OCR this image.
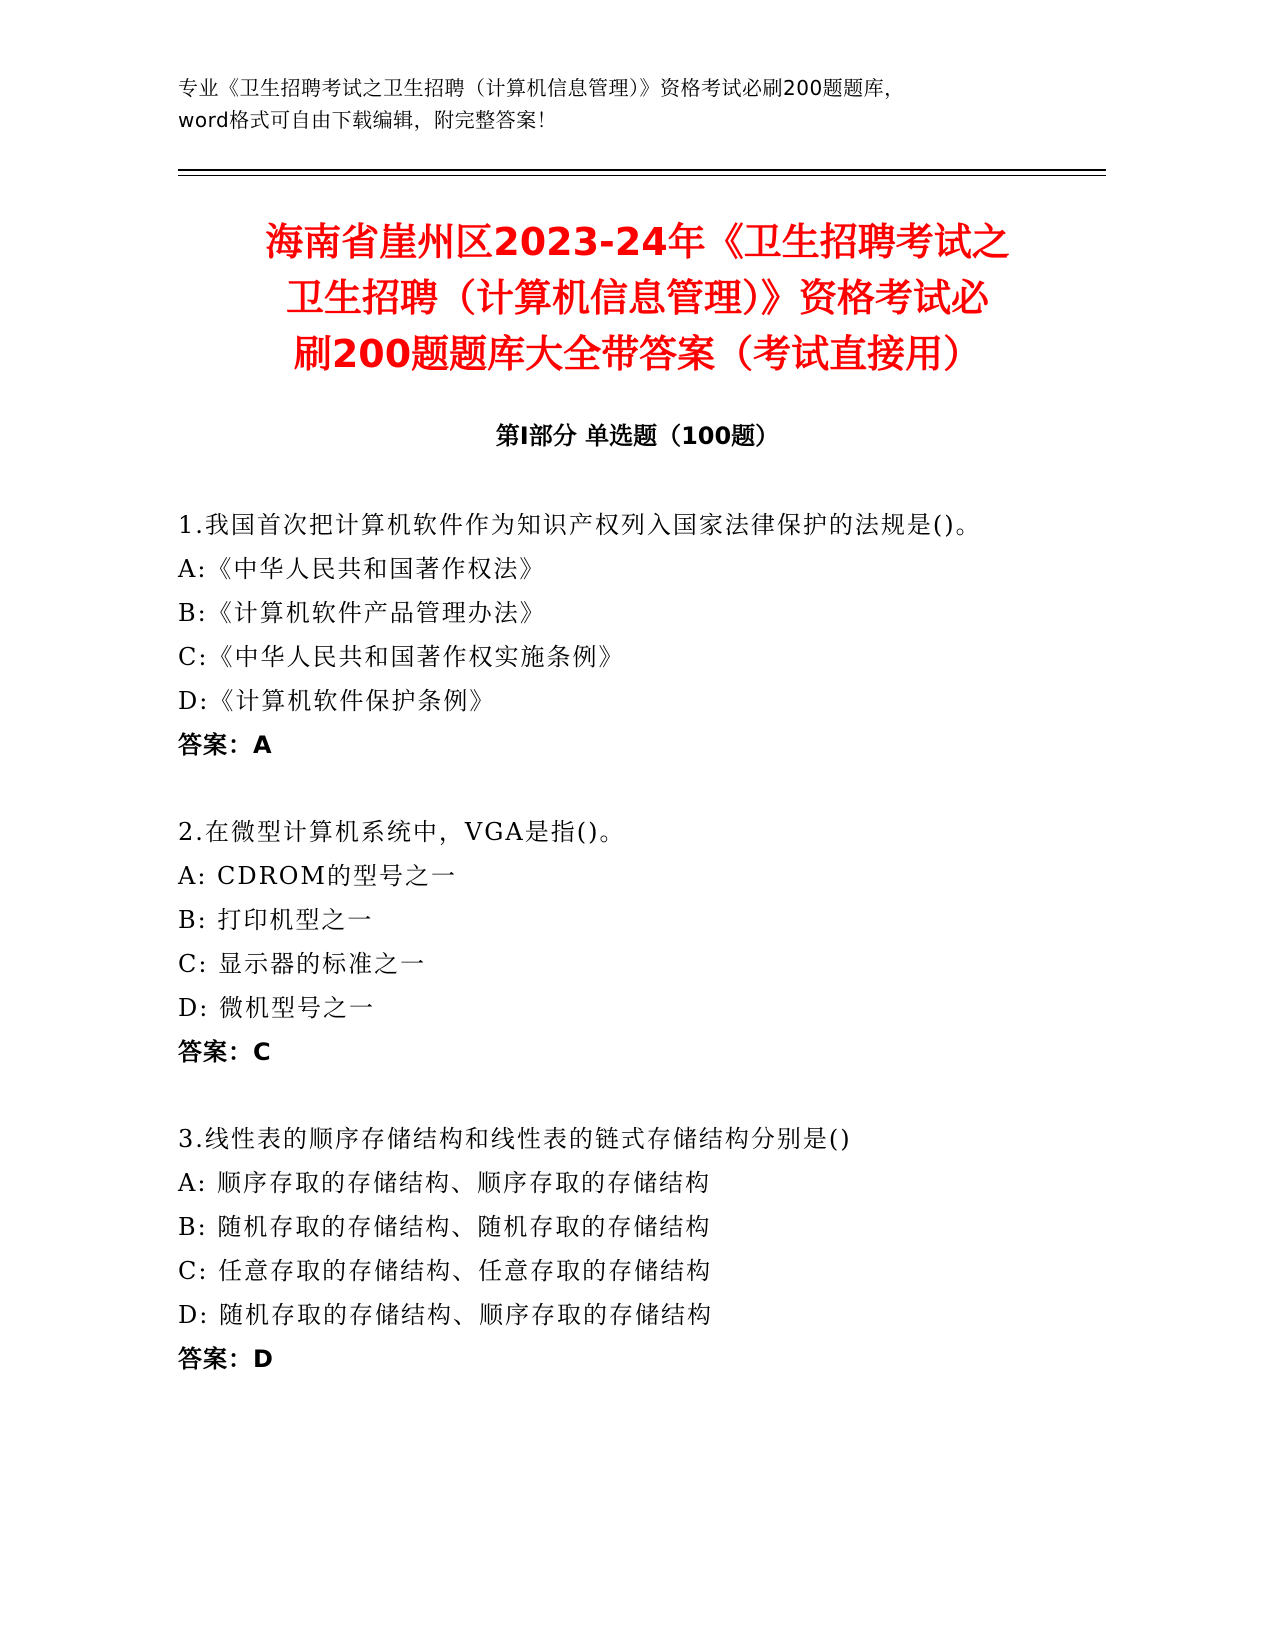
专业《卫生招聘考试之卫生招聘（计算机信息管理）》资格考试必刷200题题库，
word格式可自由下载编辑，附完整答案！
海南省崖州区2023-24年《卫生招聘考试之
卫生招聘（计算机信息管理）》资格考试必
刷200题题库大全带答案（考试直接用）
第Ⅰ部分 单选题（100题）
1.我国首次把计算机软件作为知识产权列入国家法律保护的法规是()。
A:《中华人民共和国著作权法》
B:《计算机软件产品管理办法》
C:《中华人民共和国著作权实施条例》
D:《计算机软件保护条例》
答案：A
2.在微型计算机系统中，VGA是指()。
A: CDROM的型号之一
B: 打印机型之一
C: 显示器的标准之一
D: 微机型号之一
答案：C
3.线性表的顺序存储结构和线性表的链式存储结构分别是()
A: 顺序存取的存储结构、顺序存取的存储结构
B: 随机存取的存储结构、随机存取的存储结构
C: 任意存取的存储结构、任意存取的存储结构
D: 随机存取的存储结构、顺序存取的存储结构
答案：D
